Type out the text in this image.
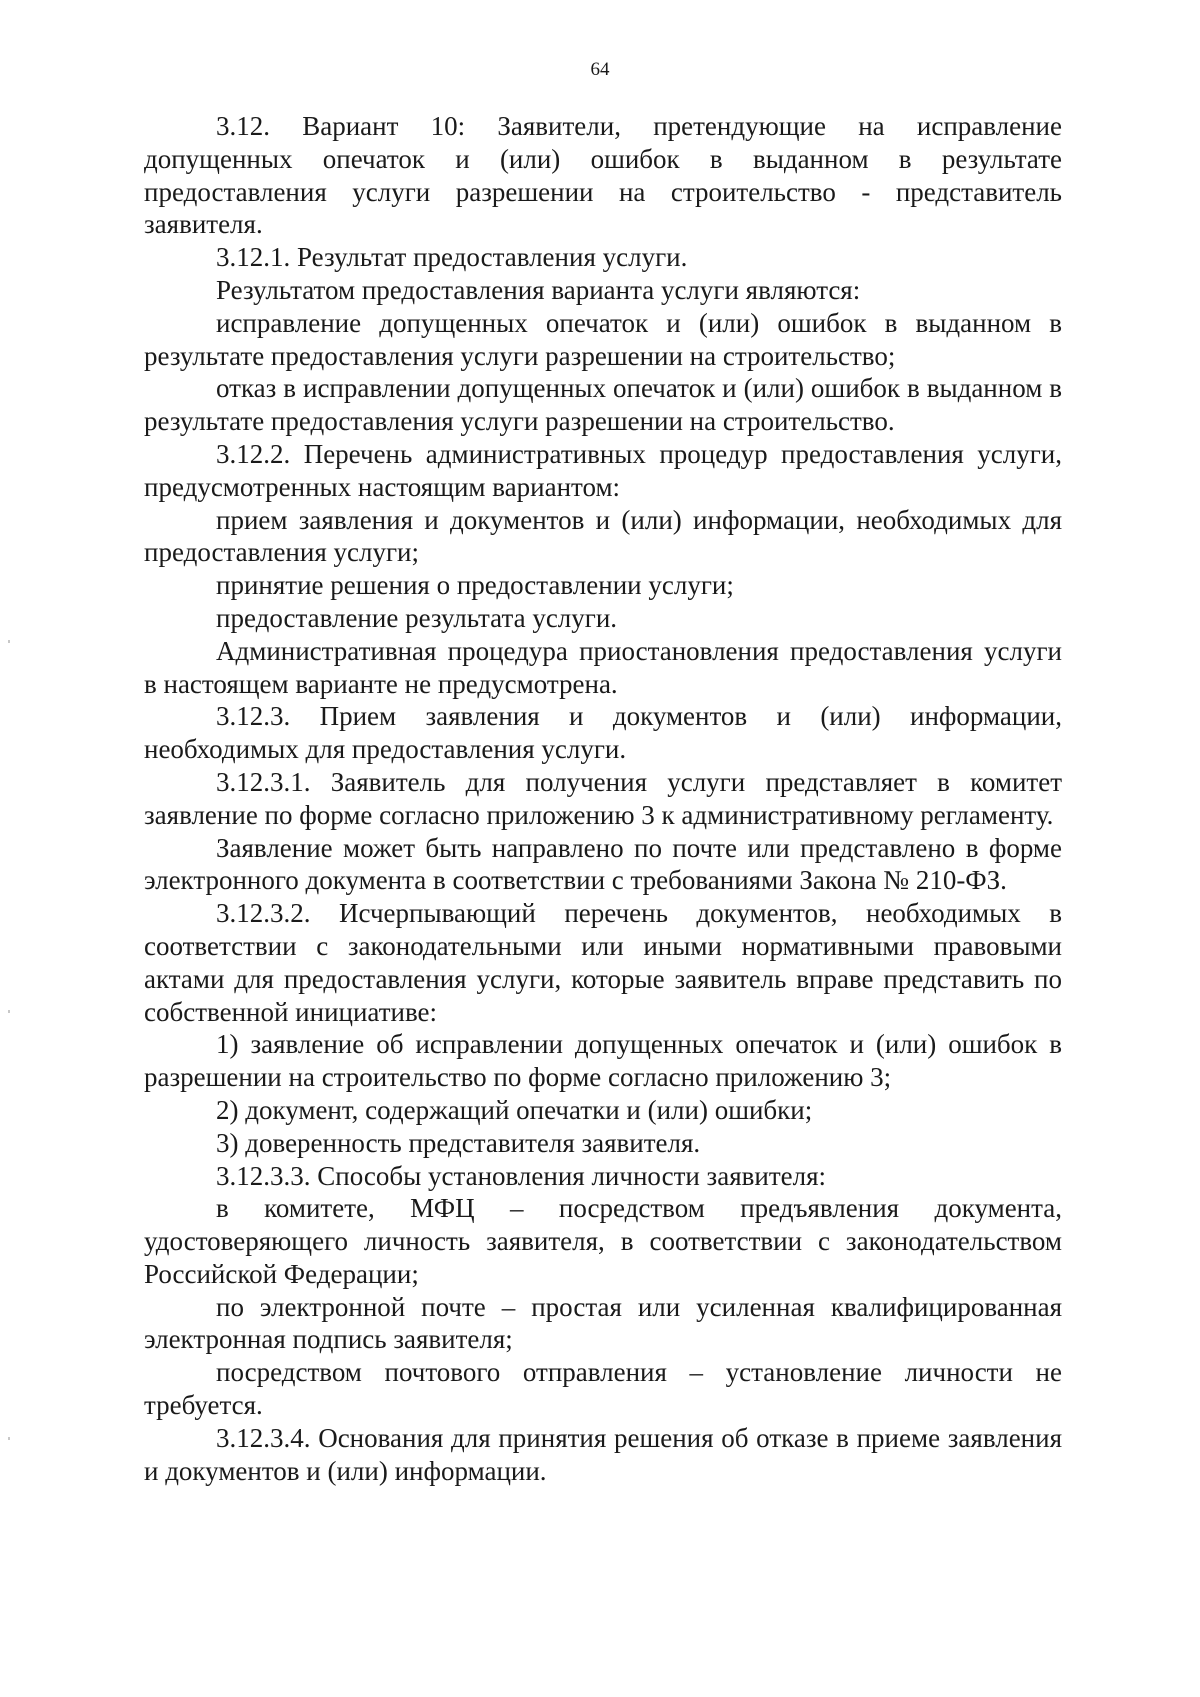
64

3.12. Вариант 10: Заявители, претендующие на исправление допущенных опечаток и (или) ошибок в выданном в результате предоставления услуги разрешении на строительство - представитель заявителя.

3.12.1. Результат предоставления услуги.

Результатом предоставления варианта услуги являются:

исправление допущенных опечаток и (или) ошибок в выданном в результате предоставления услуги разрешении на строительство;

отказ в исправлении допущенных опечаток и (или) ошибок в выданном в результате предоставления услуги разрешении на строительство.

3.12.2. Перечень административных процедур предоставления услуги, предусмотренных настоящим вариантом:

прием заявления и документов и (или) информации, необходимых для предоставления услуги;

принятие решения о предоставлении услуги;

предоставление результата услуги.

Административная процедура приостановления предоставления услуги в настоящем варианте не предусмотрена.

3.12.3. Прием заявления и документов и (или) информации, необходимых для предоставления услуги.

3.12.3.1. Заявитель для получения услуги представляет в комитет заявление по форме согласно приложению 3 к административному регламенту.

Заявление может быть направлено по почте или представлено в форме электронного документа в соответствии с требованиями Закона № 210-ФЗ.

3.12.3.2. Исчерпывающий перечень документов, необходимых в соответствии с законодательными или иными нормативными правовыми актами для предоставления услуги, которые заявитель вправе представить по собственной инициативе:

1) заявление об исправлении допущенных опечаток и (или) ошибок в разрешении на строительство по форме согласно приложению 3;

2) документ, содержащий опечатки и (или) ошибки;

3) доверенность представителя заявителя.

3.12.3.3. Способы установления личности заявителя:

в комитете, МФЦ – посредством предъявления документа, удостоверяющего личность заявителя, в соответствии с законодательством Российской Федерации;

по электронной почте – простая или усиленная квалифицированная электронная подпись заявителя;

посредством почтового отправления – установление личности не требуется.

3.12.3.4. Основания для принятия решения об отказе в приеме заявления и документов и (или) информации.
